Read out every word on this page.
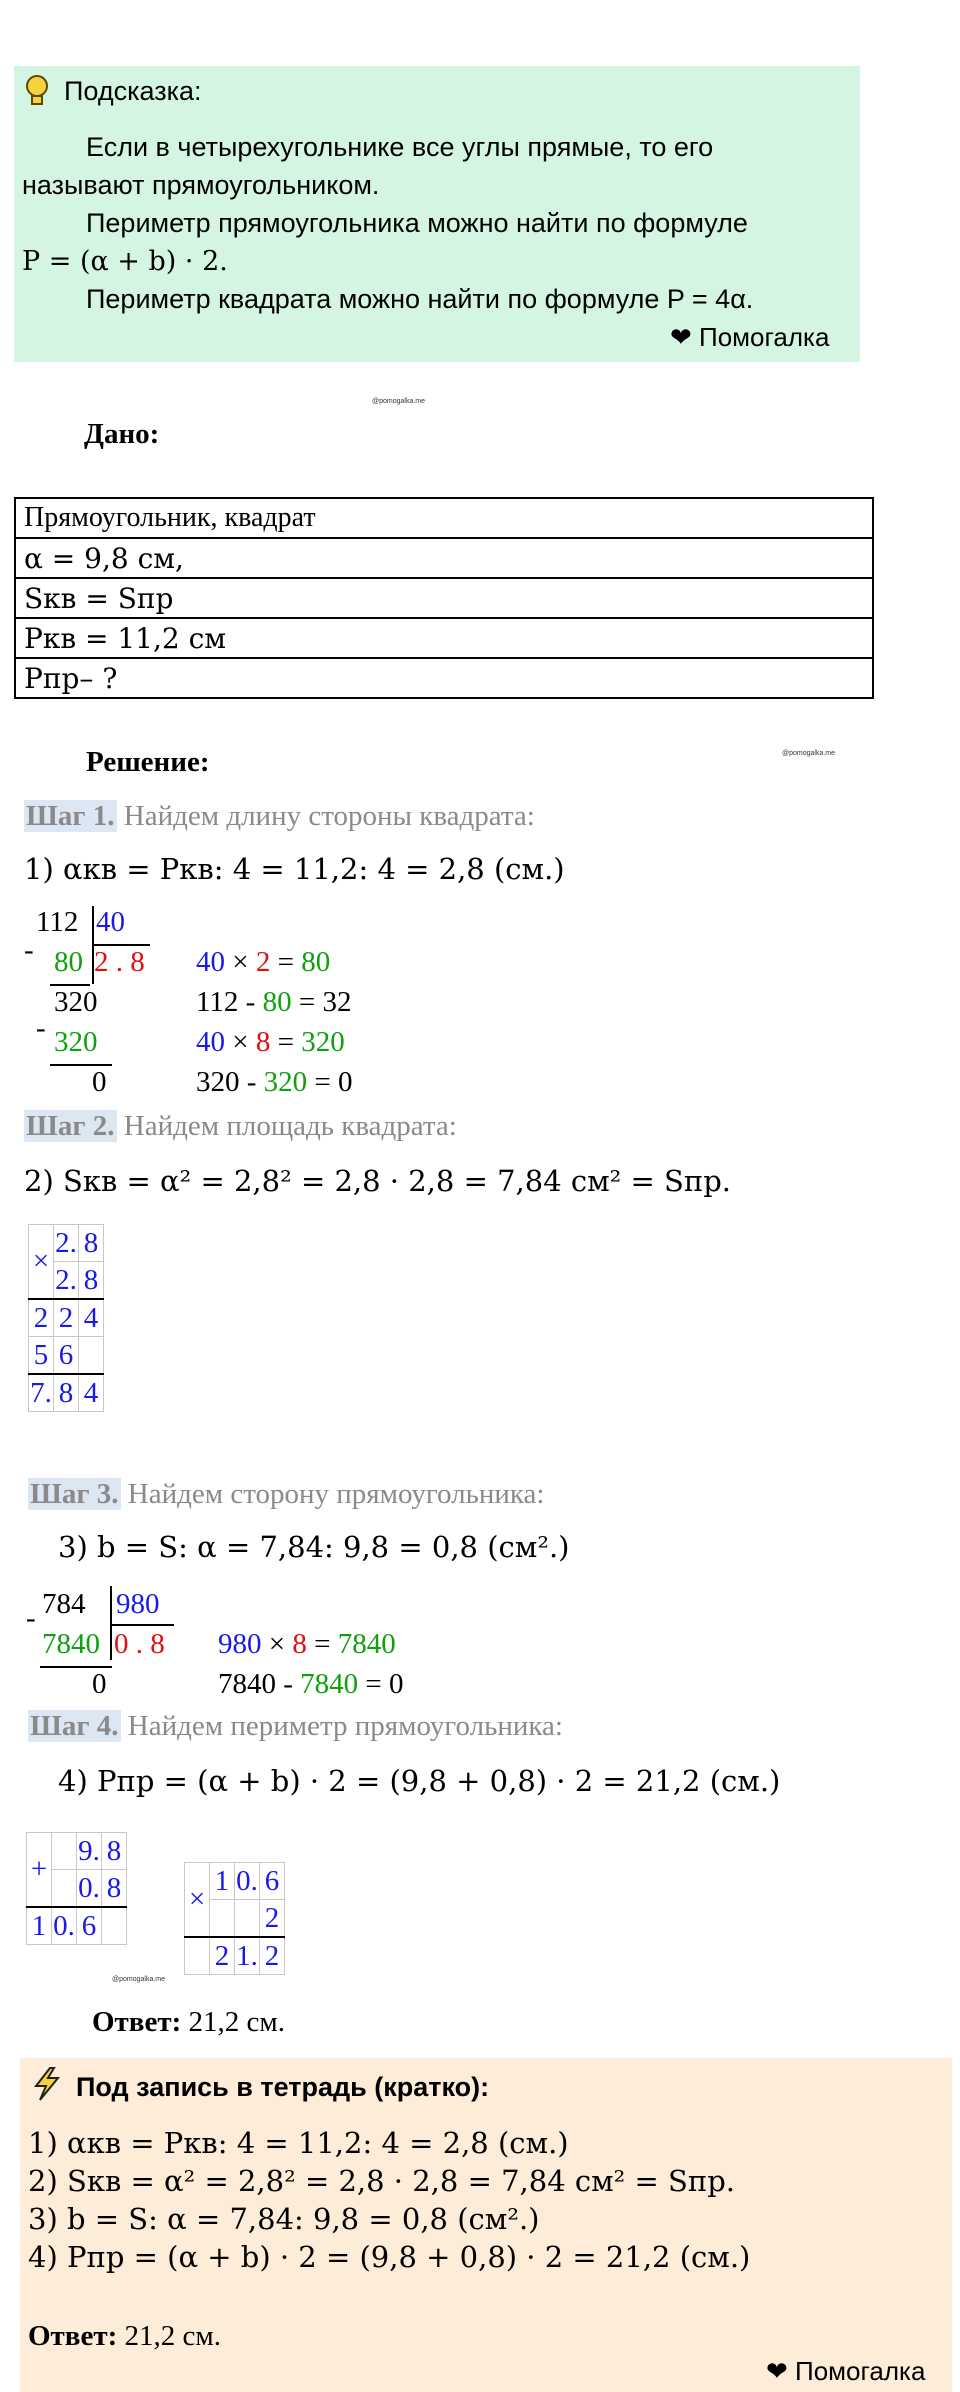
Подсказка:
Если в четырехугольнике все углы прямые, то его
называют прямоугольником.
Периметр прямоугольника можно найти по формуле
P = (α + b) · 2.
Периметр квадрата можно найти по формуле P = 4α.
❤ Помогалка
@pomogalka.me
Дано:
Прямоугольник, квадрат
α = 9,8 см,
Sкв = Sпр
Pкв = 11,2 см
Pпр– ?
Решение:	@pomogalka.me
Шаг 1. Найдем длину стороны квадрата:
1) αкв = Pкв: 4 = 11,2: 4 = 2,8 (см.)
112 40
- 80 2 . 8
320
- 320
0
40 × 2 = 80
112 - 80 = 32
40 × 8 = 320
320 - 320 = 0
Шаг 2. Найдем площадь квадрата:
2) Sкв = α² = 2,8² = 2,8 · 2,8 = 7,84 см² = Sпр.
×	2.	8
	2.	8
2	2	4
5	6	
7.	8	4
Шаг 3. Найдем сторону прямоугольника:
3) b = S: α = 7,84: 9,8 = 0,8 (см².)
784 980
-
7840 0 . 8
0
980 × 8 = 7840
7840 - 7840 = 0
Шаг 4. Найдем периметр прямоугольника:
4) Pпр = (α + b) · 2 = (9,8 + 0,8) · 2 = 21,2 (см.)
+		9.	8
		0.	8
1	0.	6	
×	1	0.	6
			2
	2	1.	2
@pomogalka.me
Ответ: 21,2 см.
Под запись в тетрадь (кратко):
1) αкв = Pкв: 4 = 11,2: 4 = 2,8 (см.)
2) Sкв = α² = 2,8² = 2,8 · 2,8 = 7,84 см² = Sпр.
3) b = S: α = 7,84: 9,8 = 0,8 (см².)
4) Pпр = (α + b) · 2 = (9,8 + 0,8) · 2 = 21,2 (см.)
Ответ: 21,2 см.
❤ Помогалка
